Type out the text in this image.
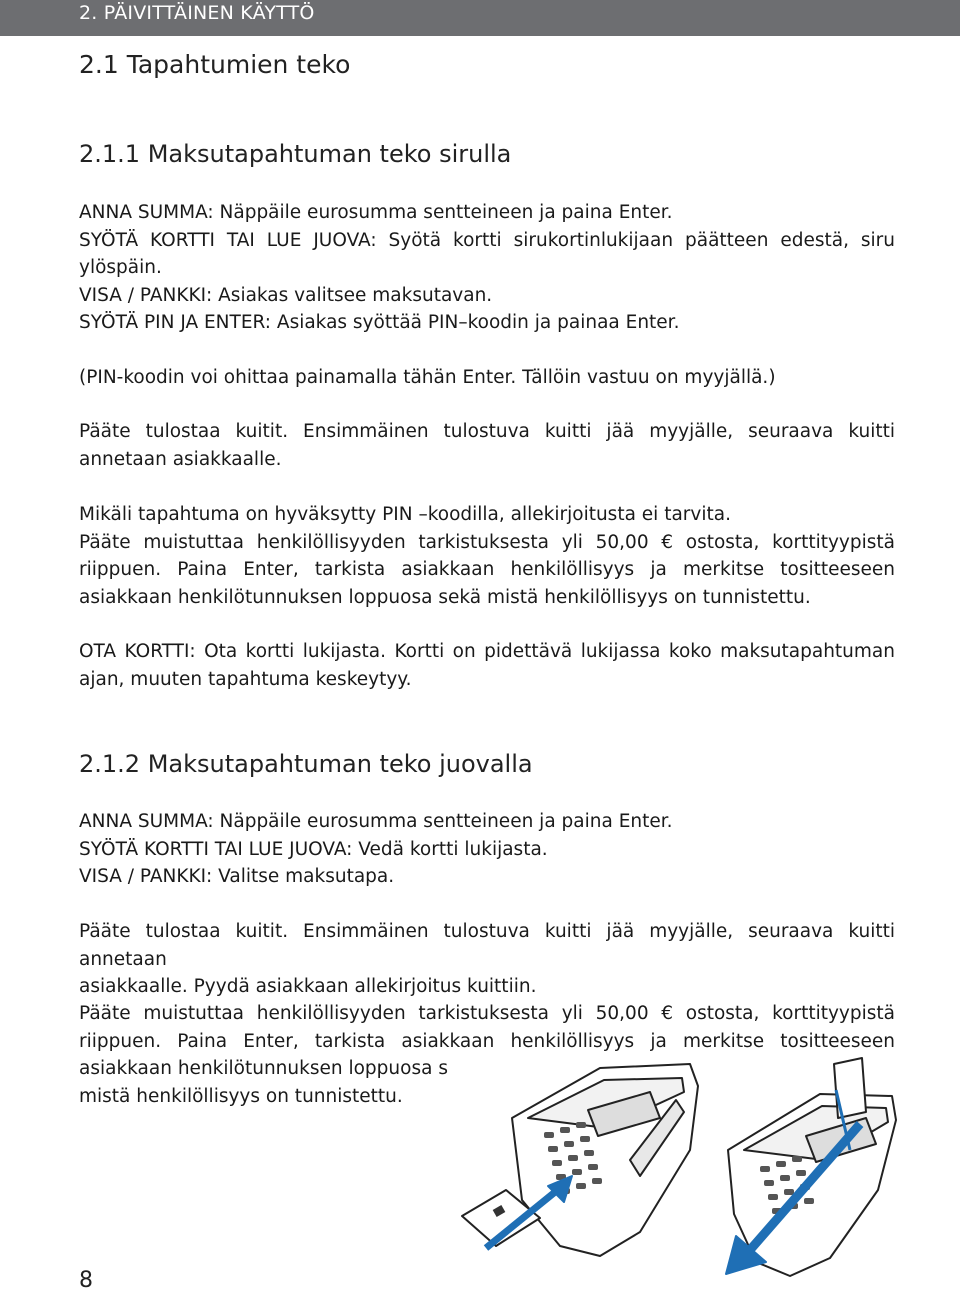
2. PÄIVITTÄINEN KÄYTTÖ
2.1 Tapahtumien teko
2.1.1 Maksutapahtuman teko sirulla
ANNA SUMMA: Näppäile eurosumma sentteineen ja paina Enter.
SYÖTÄ KORTTI TAI LUE JUOVA: Syötä kortti sirukortinlukijaan päätteen edestä, siru
ylöspäin.
VISA / PANKKI: Asiakas valitsee maksutavan.
SYÖTÄ PIN JA ENTER: Asiakas syöttää PIN–koodin ja painaa Enter.
(PIN-koodin voi ohittaa painamalla tähän Enter. Tällöin vastuu on myyjällä.)
Pääte tulostaa kuitit. Ensimmäinen tulostuva kuitti jää myyjälle, seuraava kuitti
annetaan asiakkaalle.
Mikäli tapahtuma on hyväksytty PIN –koodilla, allekirjoitusta ei tarvita.
Pääte muistuttaa henkilöllisyyden tarkistuksesta yli 50,00 € ostosta, korttityypistä
riippuen. Paina Enter, tarkista asiakkaan henkilöllisyys ja merkitse tositteeseen
asiakkaan henkilötunnuksen loppuosa sekä mistä henkilöllisyys on tunnistettu.
OTA KORTTI: Ota kortti lukijasta. Kortti on pidettävä lukijassa koko maksutapahtuman
ajan, muuten tapahtuma keskeytyy.
2.1.2 Maksutapahtuman teko juovalla
ANNA SUMMA: Näppäile eurosumma sentteineen ja paina Enter.
SYÖTÄ KORTTI TAI LUE JUOVA: Vedä kortti lukijasta.
VISA / PANKKI: Valitse maksutapa.
Pääte tulostaa kuitit. Ensimmäinen tulostuva kuitti jää myyjälle, seuraava kuitti annetaan
asiakkaalle. Pyydä asiakkaan allekirjoitus kuittiin.
Pääte muistuttaa henkilöllisyyden tarkistuksesta yli 50,00 € ostosta, korttityypistä
riippuen. Paina Enter, tarkista asiakkaan henkilöllisyys ja merkitse tositteeseen
asiakkaan henkilötunnuksen loppuosa s
mistä henkilöllisyys on tunnistettu.
8
